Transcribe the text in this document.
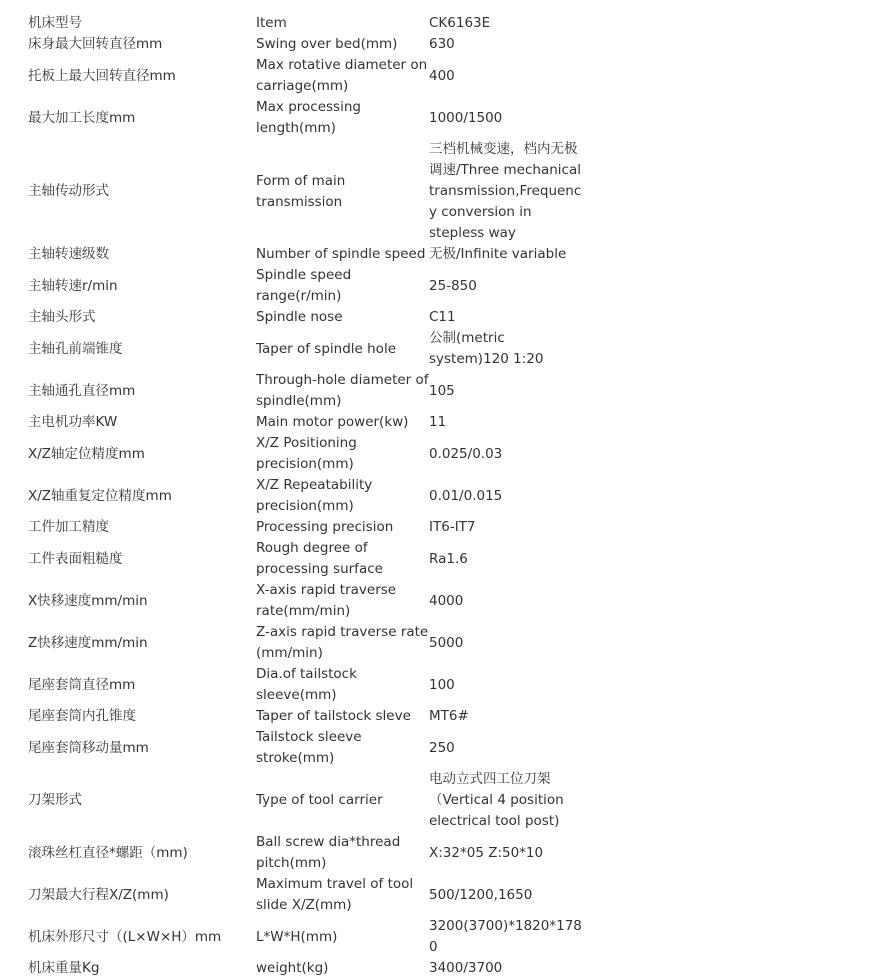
机床型号	Item	CK6163E
床身最大回转直径mm	Swing over bed(mm)	630
托板上最大回转直径mm	Max rotative diameter on carriage(mm)	400
最大加工长度mm	Max processing length(mm)	1000/1500
主轴传动形式	Form of main transmission	三档机械变速，档内无极调速/Three mechanical transmission,Frequency conversion in stepless way
主轴转速级数	Number of spindle speed	无极/Infinite variable
主轴转速r/min	Spindle speed range(r/min)	25-850
主轴头形式	Spindle nose	C11
主轴孔前端锥度	Taper of spindle hole	公制(metric system)120 1:20
主轴通孔直径mm	Through-hole diameter of spindle(mm)	105
主电机功率KW	Main motor power(kw)	11
X/Z轴定位精度mm	X/Z Positioning precision(mm)	0.025/0.03
X/Z轴重复定位精度mm	X/Z Repeatability precision(mm)	0.01/0.015
工件加工精度	Processing precision	IT6-IT7
工件表面粗糙度	Rough degree of processing surface	Ra1.6
X快移速度mm/min	X-axis rapid traverse rate(mm/min)	4000
Z快移速度mm/min	Z-axis rapid traverse rate (mm/min)	5000
尾座套筒直径mm	Dia.of tailstock sleeve(mm)	100
尾座套筒内孔锥度	Taper of tailstock sleve	MT6#
尾座套筒移动量mm	Tailstock sleeve stroke(mm)	250
刀架形式	Type of tool carrier	电动立式四工位刀架（Vertical 4 position electrical tool post)
滚珠丝杠直径*螺距（mm)	Ball screw dia*thread pitch(mm)	X:32*05 Z:50*10
刀架最大行程X/Z(mm)	Maximum travel of tool slide X/Z(mm)	500/1200,1650
机床外形尺寸（(L×W×H）mm	L*W*H(mm)	3200(3700)*1820*1780
机床重量Kg	weight(kg)	3400/3700
